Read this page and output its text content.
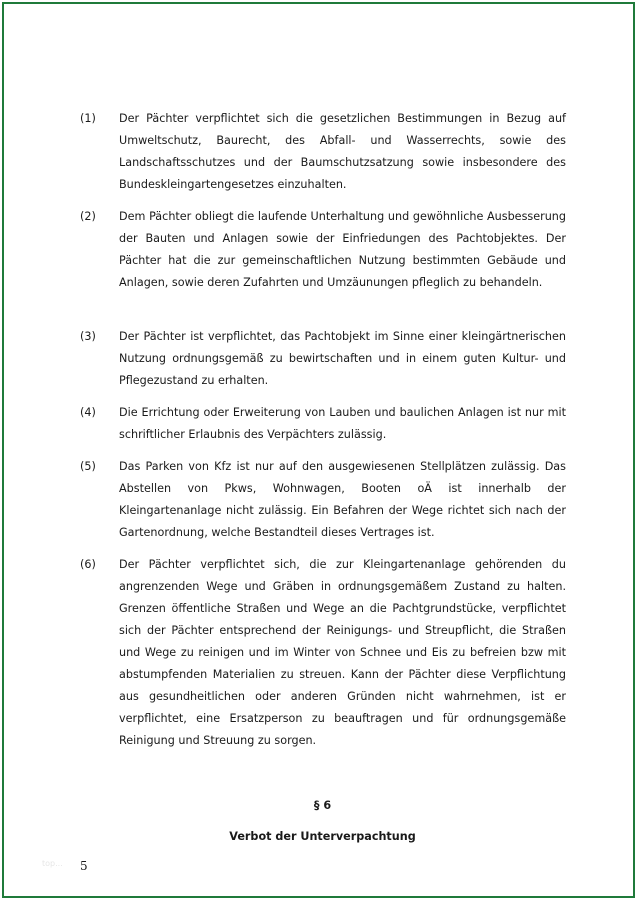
(1)	Der Pächter verpflichtet sich die gesetzlichen Bestimmungen in Bezug auf Umweltschutz, Baurecht, des Abfall- und Wasserrechts, sowie des Landschaftsschutzes und der Baumschutzsatzung sowie insbesondere des Bundeskleingartengesetzes einzuhalten.
(2)	Dem Pächter obliegt die laufende Unterhaltung und gewöhnliche Ausbesserung der Bauten und Anlagen sowie der Einfriedungen des Pachtobjektes. Der Pächter hat die zur gemeinschaftlichen Nutzung bestimmten Gebäude und Anlagen, sowie deren Zufahrten und Umzäunungen pfleglich zu behandeln.
(3)	Der Pächter ist verpflichtet, das Pachtobjekt im Sinne einer kleingärtnerischen Nutzung ordnungsgemäß zu bewirtschaften und in einem guten Kultur- und Pflegezustand zu erhalten.
(4)	Die Errichtung oder Erweiterung von Lauben und baulichen Anlagen ist nur mit schriftlicher Erlaubnis des Verpächters zulässig.
(5)	Das Parken von Kfz ist nur auf den ausgewiesenen Stellplätzen zulässig. Das Abstellen von Pkws, Wohnwagen, Booten oÄ ist innerhalb der Kleingartenanlage nicht zulässig. Ein Befahren der Wege richtet sich nach der Gartenordnung, welche Bestandteil dieses Vertrages ist.
(6)	Der Pächter verpflichtet sich, die zur Kleingartenanlage gehörenden du angrenzenden Wege und Gräben in ordnungsgemäßem Zustand zu halten. Grenzen öffentliche Straßen und Wege an die Pachtgrundstücke, verpflichtet sich der Pächter entsprechend der Reinigungs- und Streupflicht, die Straßen und Wege zu reinigen und im Winter von Schnee und Eis zu befreien bzw mit abstumpfenden Materialien zu streuen. Kann der Pächter diese Verpflichtung aus gesundheitlichen oder anderen Gründen nicht wahrnehmen, ist er verpflichtet, eine Ersatzperson zu beauftragen und für ordnungsgemäße Reinigung und Streuung zu sorgen.
§ 6
Verbot der Unterverpachtung
top... 5
